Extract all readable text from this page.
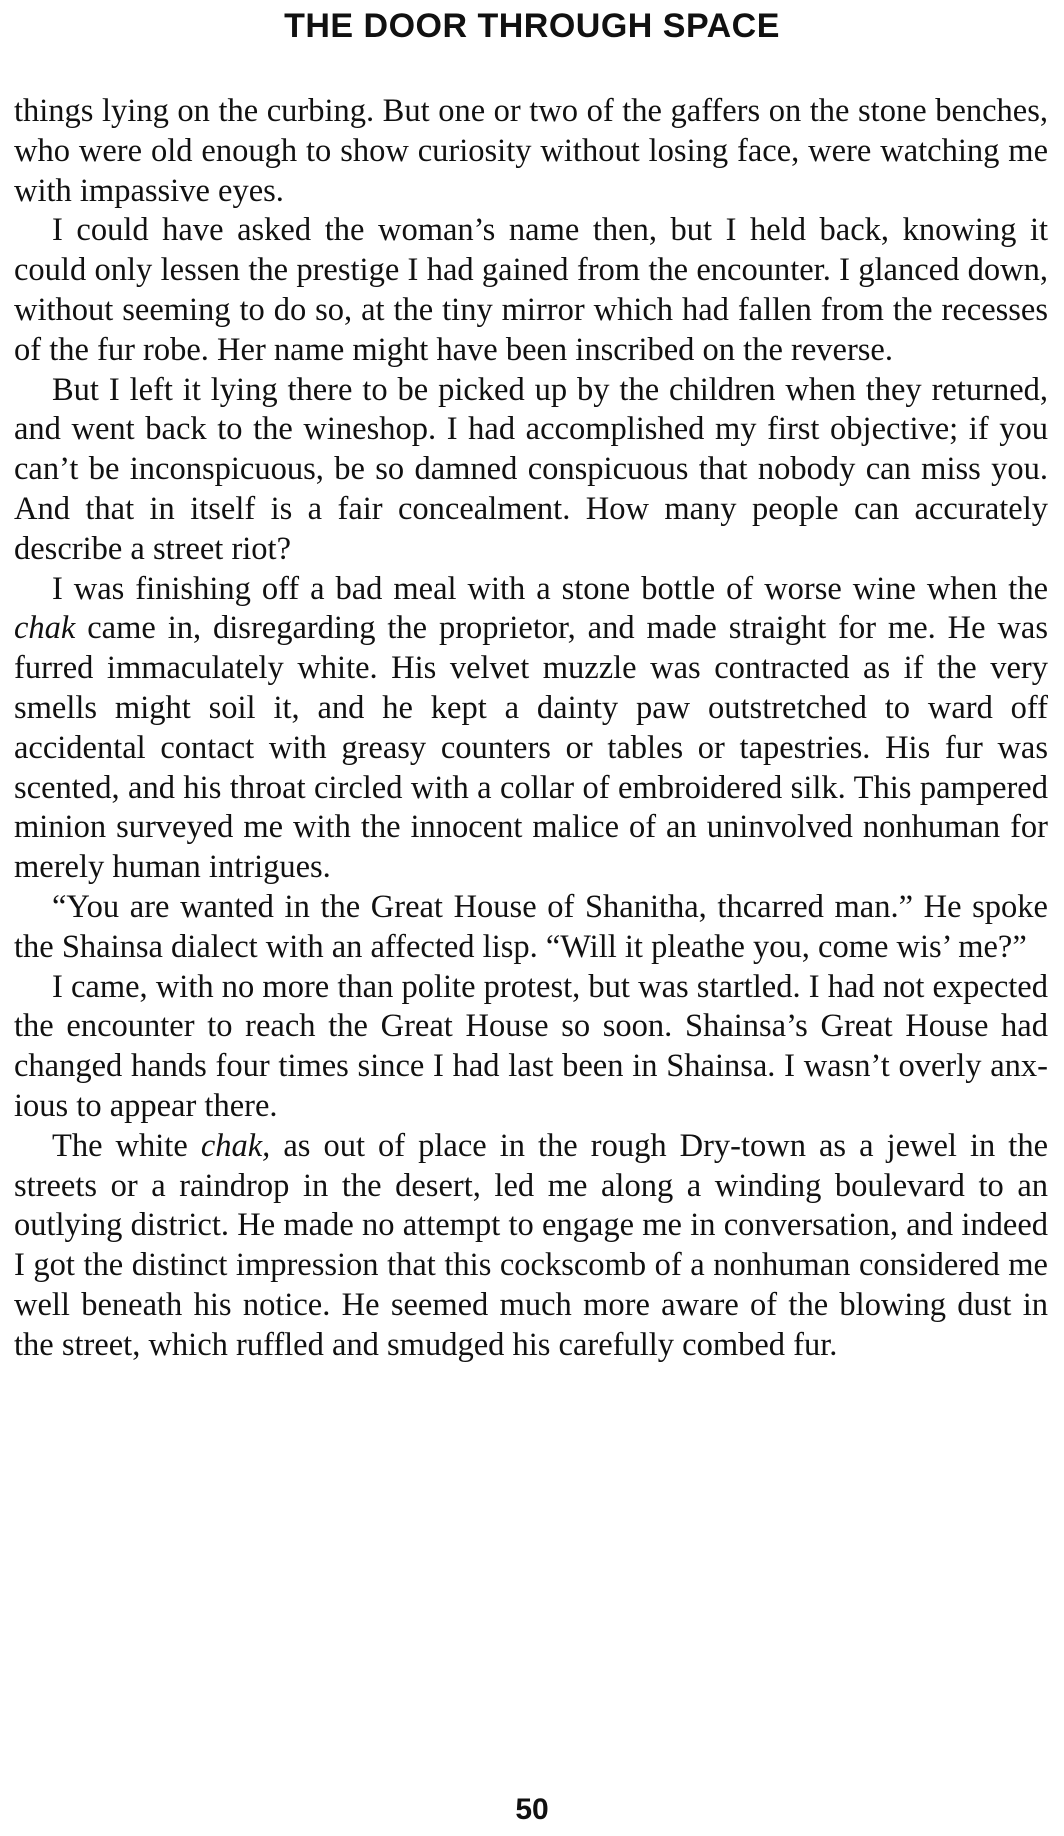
THE DOOR THROUGH SPACE

things lying on the curbing. But one or two of the gaffers on the stone benches, who were old enough to show curiosity without losing face, were watching me with impassive eyes.

I could have asked the woman’s name then, but I held back, knowing it could only lessen the prestige I had gained from the encounter. I glanced down, without seeming to do so, at the tiny mirror which had fallen from the recesses of the fur robe. Her name might have been inscribed on the reverse.

But I left it lying there to be picked up by the children when they returned, and went back to the wineshop. I had accomplished my first objective; if you can’t be inconspicuous, be so damned conspicuous that nobody can miss you. And that in itself is a fair concealment. How many people can accurately describe a street riot?

I was finishing off a bad meal with a stone bottle of worse wine when the chak came in, disregarding the proprietor, and made straight for me. He was furred immaculately white. His velvet muzzle was contracted as if the very smells might soil it, and he kept a dainty paw outstretched to ward off accidental contact with greasy counters or tables or tapestries. His fur was scented, and his throat circled with a collar of embroidered silk. This pampered minion surveyed me with the innocent malice of an uninvolved nonhuman for merely human intrigues.

“You are wanted in the Great House of Shanitha, thcarred man.” He spoke the Shainsa dialect with an affected lisp. “Will it pleathe you, come wis’ me?”

I came, with no more than polite protest, but was startled. I had not expected the encounter to reach the Great House so soon. Shainsa’s Great House had changed hands four times since I had last been in Shainsa. I wasn’t overly anxious to appear there.

The white chak, as out of place in the rough Dry-town as a jewel in the streets or a raindrop in the desert, led me along a winding boulevard to an outlying district. He made no attempt to engage me in conversation, and indeed I got the distinct impression that this cockscomb of a nonhuman considered me well beneath his notice. He seemed much more aware of the blowing dust in the street, which ruffled and smudged his carefully combed fur.

50
